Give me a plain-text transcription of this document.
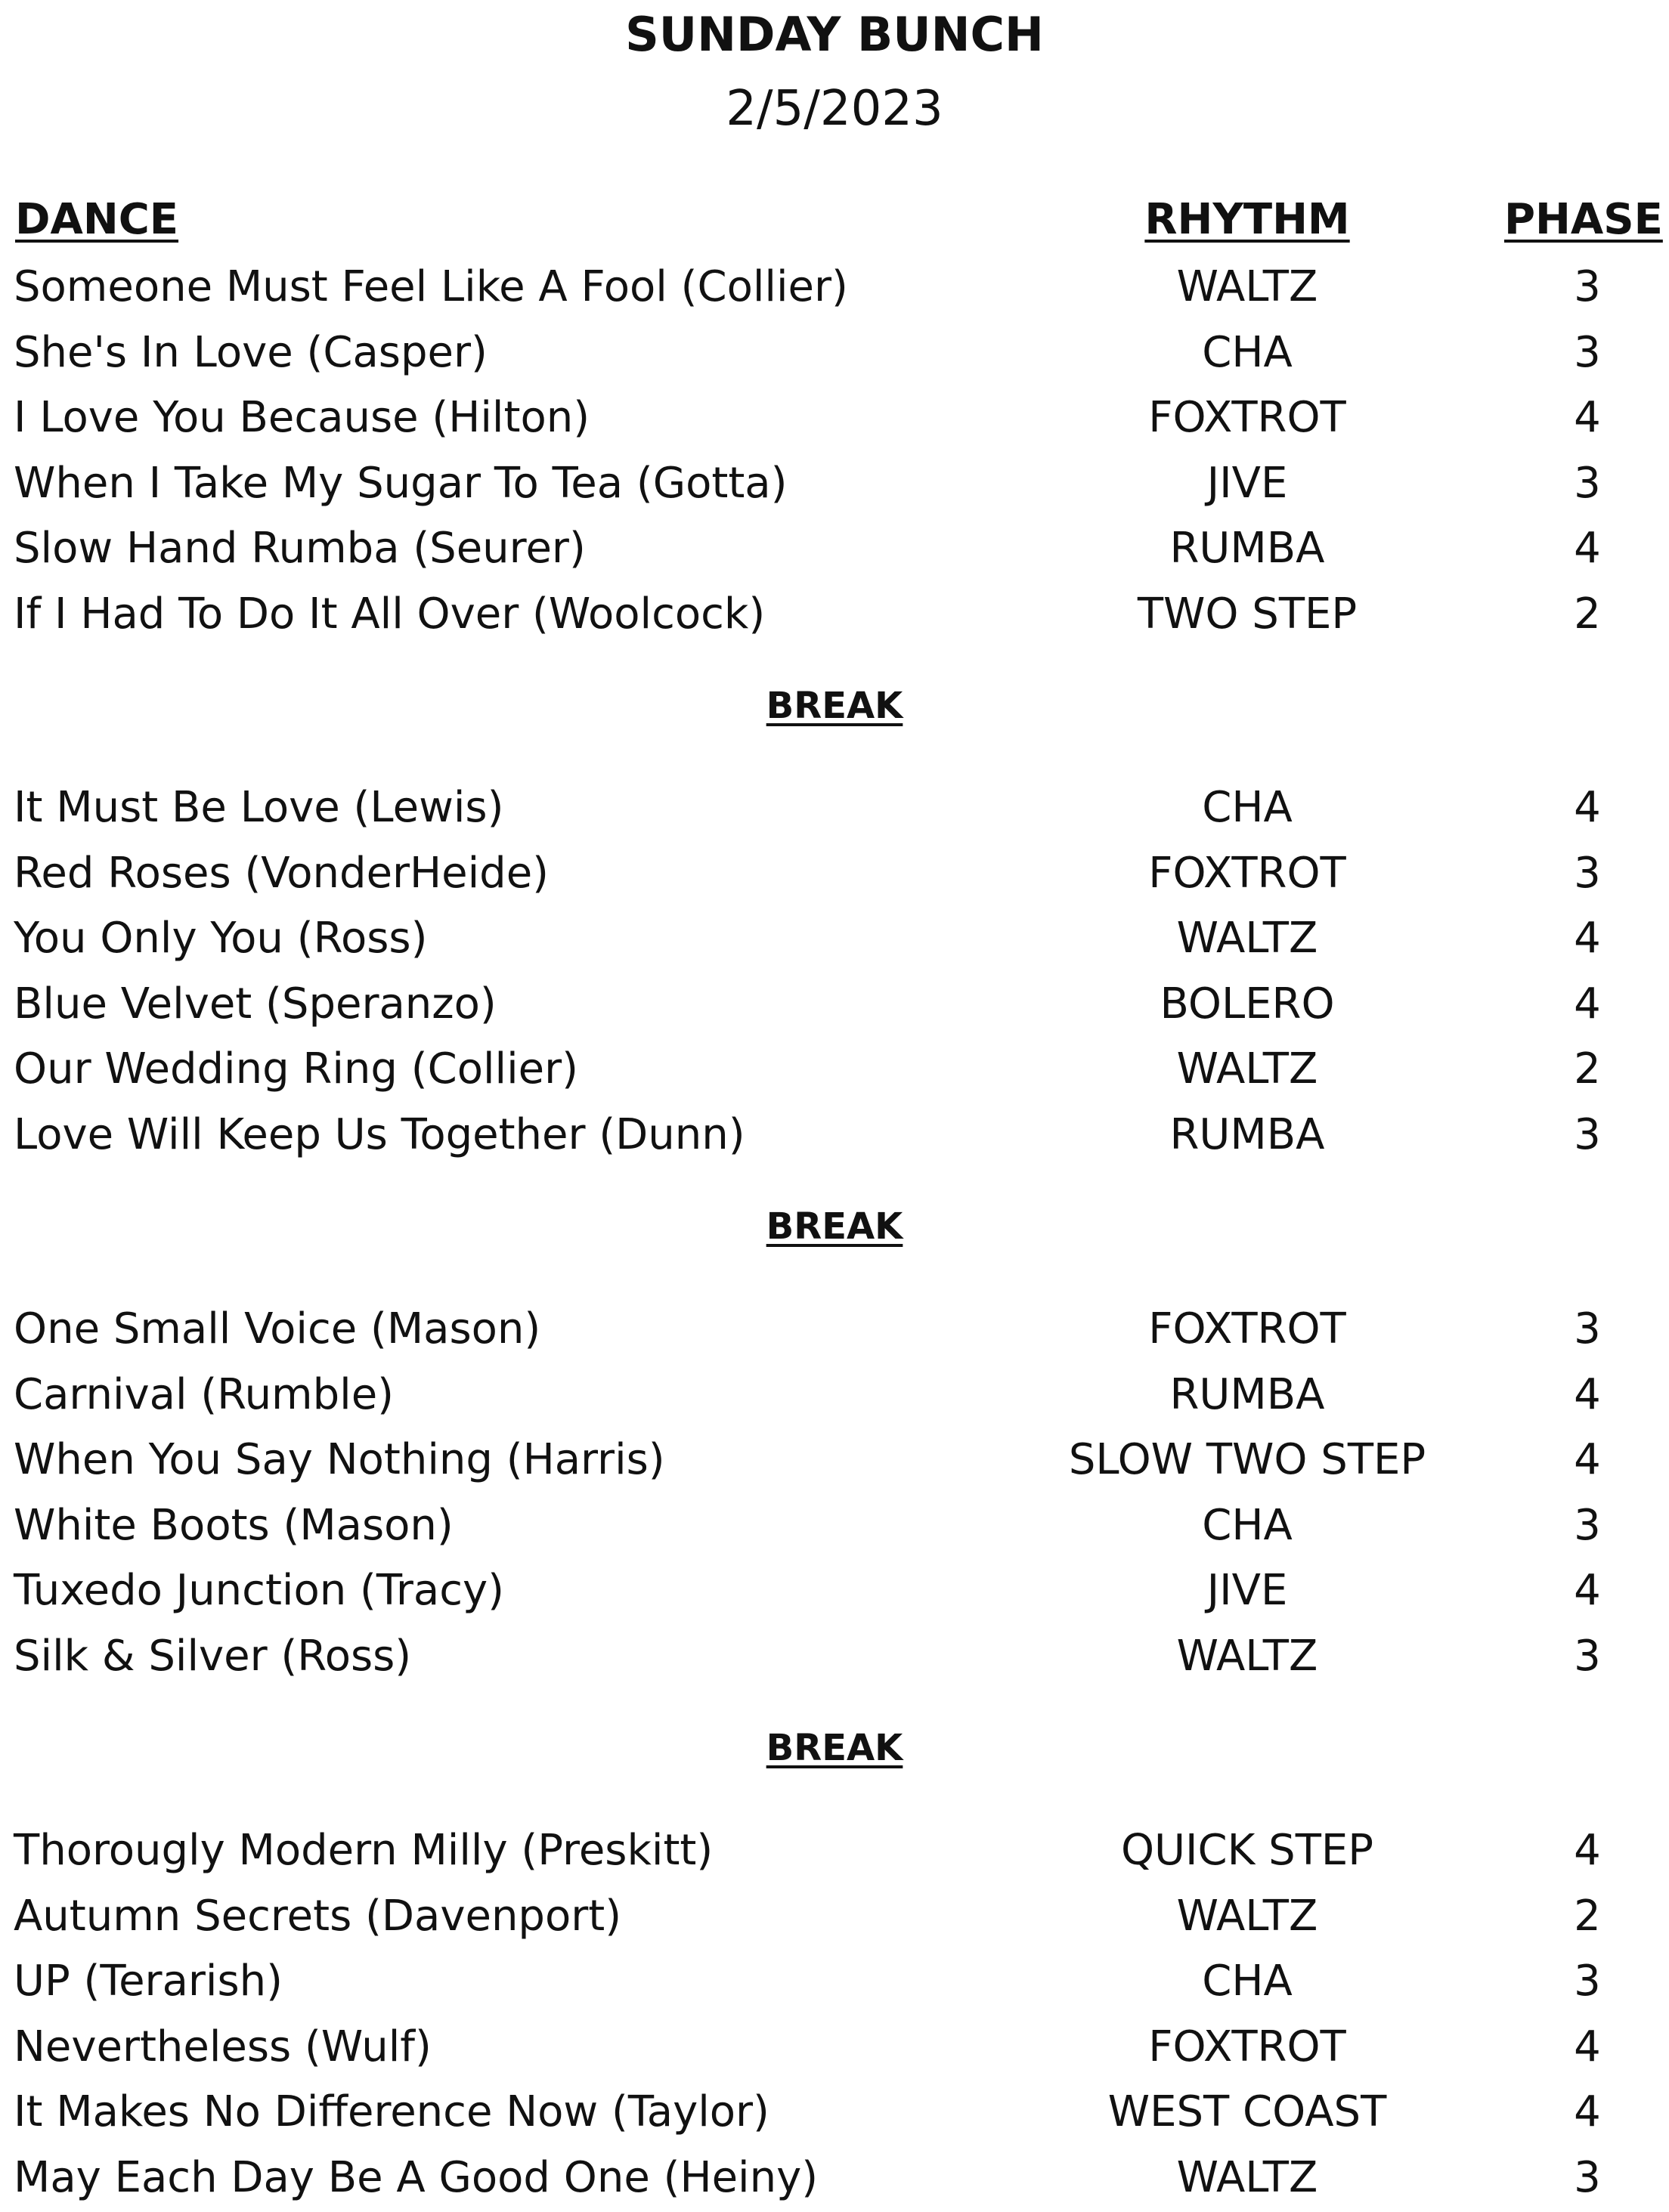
SUNDAY BUNCH
2/5/2023
DANCE	RHYTHM	PHASE
Someone Must Feel Like A Fool (Collier)	WALTZ	3
She's In Love (Casper)	CHA	3
I Love You Because (Hilton)	FOXTROT	4
When I Take My Sugar To Tea (Gotta)	JIVE	3
Slow Hand Rumba (Seurer)	RUMBA	4
If I Had To Do It All Over (Woolcock)	TWO STEP	2
BREAK
It Must Be Love (Lewis)	CHA	4
Red Roses (VonderHeide)	FOXTROT	3
You Only You (Ross)	WALTZ	4
Blue Velvet (Speranzo)	BOLERO	4
Our Wedding Ring (Collier)	WALTZ	2
Love Will Keep Us Together (Dunn)	RUMBA	3
BREAK
One Small Voice (Mason)	FOXTROT	3
Carnival (Rumble)	RUMBA	4
When You Say Nothing (Harris)	SLOW TWO STEP	4
White Boots (Mason)	CHA	3
Tuxedo Junction (Tracy)	JIVE	4
Silk & Silver (Ross)	WALTZ	3
BREAK
Thorougly Modern Milly (Preskitt)	QUICK STEP	4
Autumn Secrets (Davenport)	WALTZ	2
UP (Terarish)	CHA	3
Nevertheless (Wulf)	FOXTROT	4
It Makes No Difference Now (Taylor)	WEST COAST	4
May Each Day Be A Good One (Heiny)	WALTZ	3
